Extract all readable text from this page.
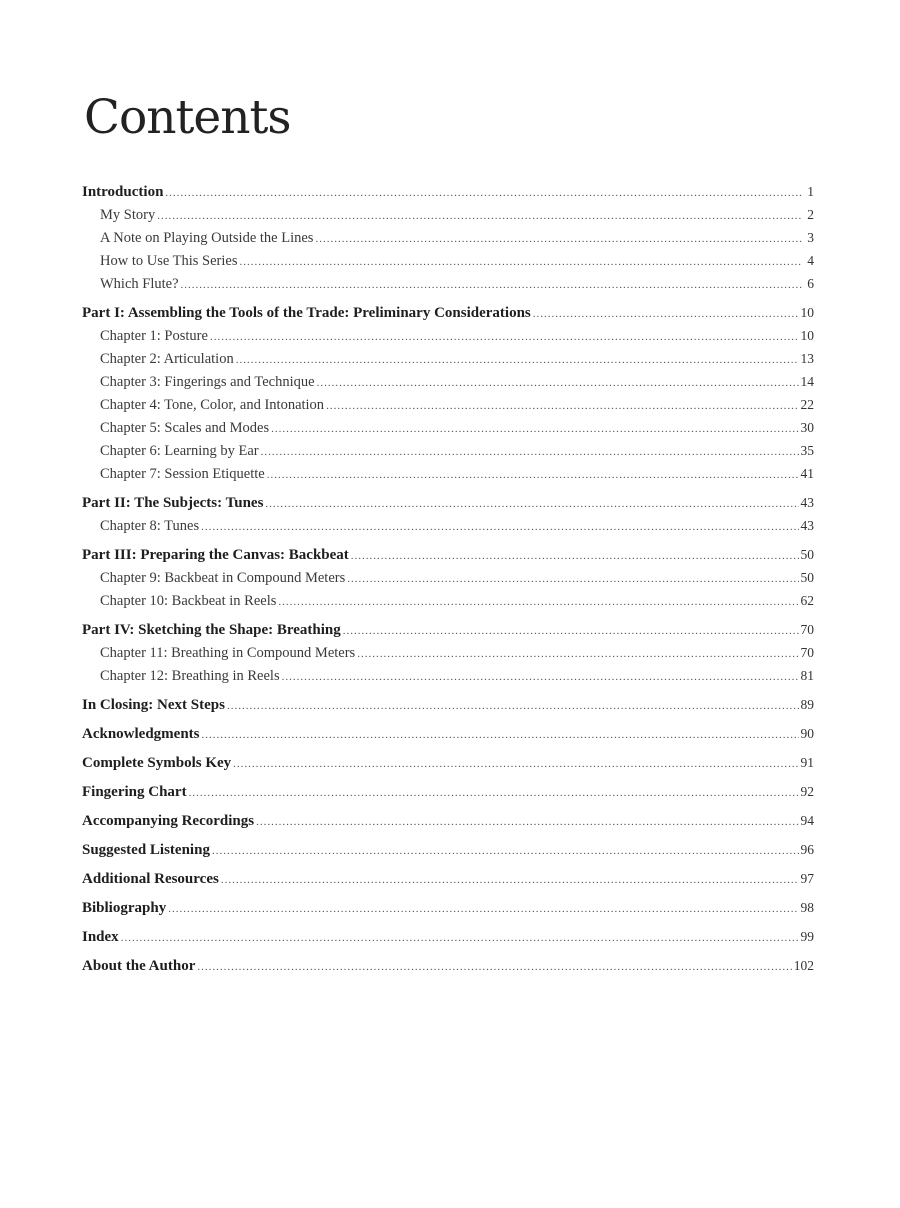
Contents
Introduction .....	1
My Story .....	2
A Note on Playing Outside the Lines .....	3
How to Use This Series .....	4
Which Flute? .....	6
Part I: Assembling the Tools of the Trade: Preliminary Considerations .....	10
Chapter 1: Posture .....	10
Chapter 2: Articulation .....	13
Chapter 3: Fingerings and Technique .....	14
Chapter 4: Tone, Color, and Intonation .....	22
Chapter 5: Scales and Modes .....	30
Chapter 6: Learning by Ear .....	35
Chapter 7: Session Etiquette .....	41
Part II: The Subjects: Tunes .....	43
Chapter 8: Tunes .....	43
Part III: Preparing the Canvas: Backbeat .....	50
Chapter 9: Backbeat in Compound Meters .....	50
Chapter 10: Backbeat in Reels .....	62
Part IV: Sketching the Shape: Breathing .....	70
Chapter 11: Breathing in Compound Meters .....	70
Chapter 12: Breathing in Reels .....	81
In Closing: Next Steps .....	89
Acknowledgments .....	90
Complete Symbols Key .....	91
Fingering Chart .....	92
Accompanying Recordings .....	94
Suggested Listening .....	96
Additional Resources .....	97
Bibliography .....	98
Index .....	99
About the Author .....	102
